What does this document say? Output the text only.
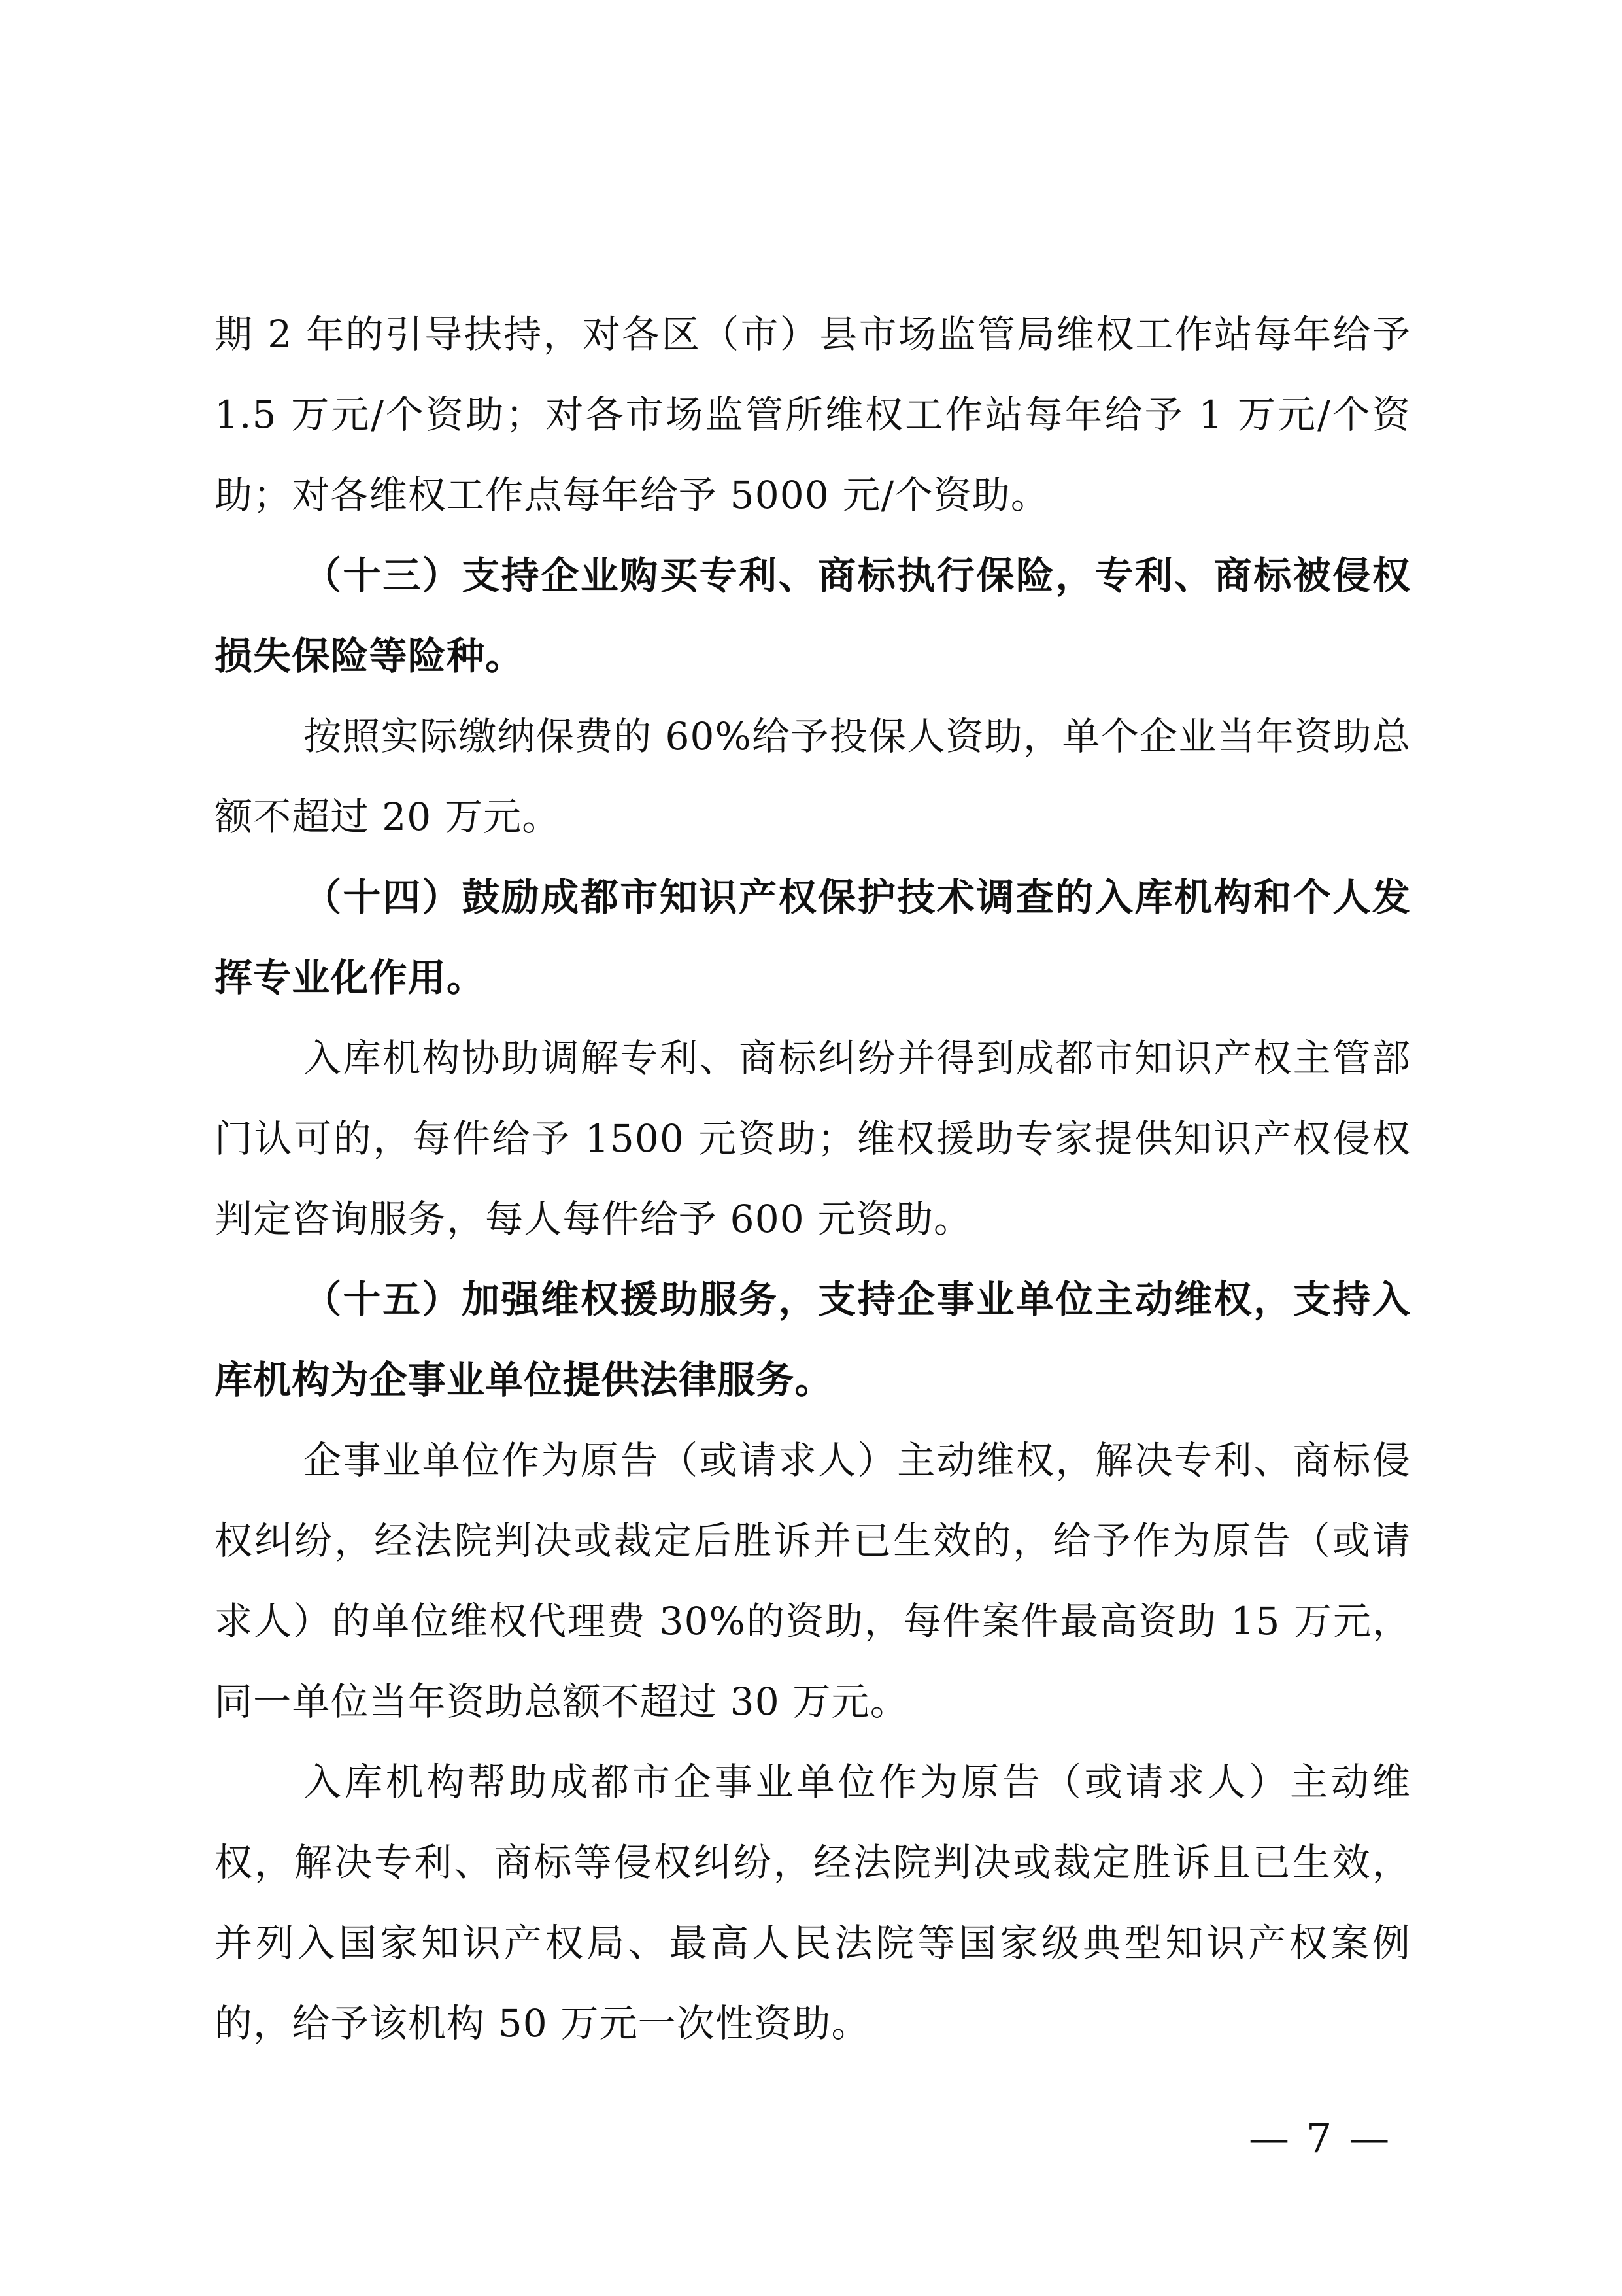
期 2 年的引导扶持，对各区（市）县市场监管局维权工作站每年给予 1.5 万元/个资助；对各市场监管所维权工作站每年给予 1 万元/个资助；对各维权工作点每年给予 5000 元/个资助。

（十三）支持企业购买专利、商标执行保险，专利、商标被侵权损失保险等险种。

按照实际缴纳保费的 60%给予投保人资助，单个企业当年资助总额不超过 20 万元。

（十四）鼓励成都市知识产权保护技术调查的入库机构和个人发挥专业化作用。

入库机构协助调解专利、商标纠纷并得到成都市知识产权主管部门认可的，每件给予 1500 元资助；维权援助专家提供知识产权侵权判定咨询服务，每人每件给予 600 元资助。

（十五）加强维权援助服务，支持企事业单位主动维权，支持入库机构为企事业单位提供法律服务。

企事业单位作为原告（或请求人）主动维权，解决专利、商标侵权纠纷，经法院判决或裁定后胜诉并已生效的，给予作为原告（或请求人）的单位维权代理费 30%的资助，每件案件最高资助 15 万元，同一单位当年资助总额不超过 30 万元。

入库机构帮助成都市企事业单位作为原告（或请求人）主动维权，解决专利、商标等侵权纠纷，经法院判决或裁定胜诉且已生效，并列入国家知识产权局、最高人民法院等国家级典型知识产权案例的，给予该机构 50 万元一次性资助。

— 7 —
